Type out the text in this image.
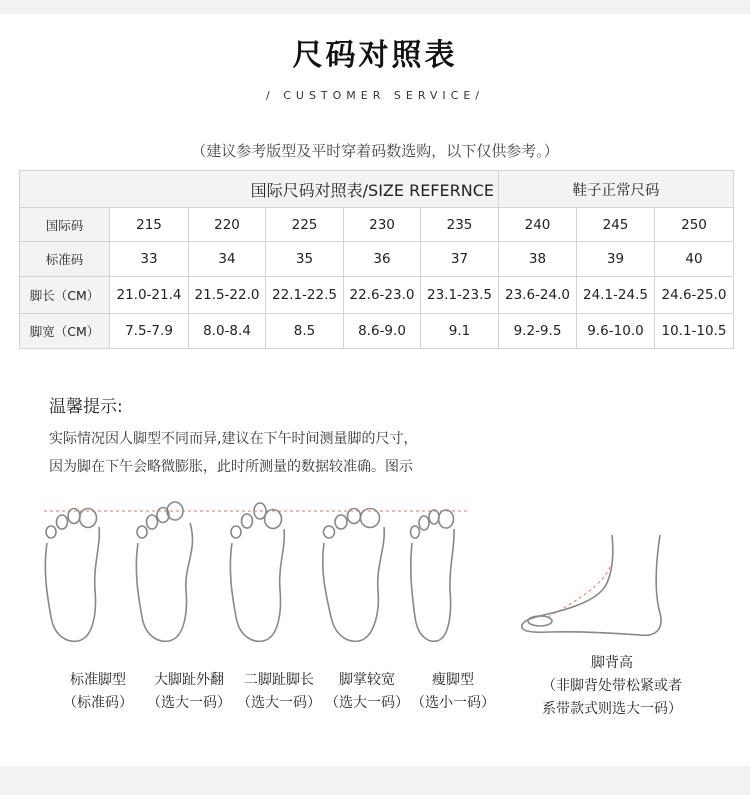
尺码对照表
/ CUSTOMER SERVICE/
（建议参考版型及平时穿着码数选购，以下仅供参考。）
国际尺码对照表/SIZE REFERNCE						鞋子正常尺码		
国际码	215	220	225	230	235	240	245	250
标准码	33	34	35	36	37	38	39	40
脚长（CM）	21.0-21.4	21.5-22.0	22.1-22.5	22.6-23.0	23.1-23.5	23.6-24.0	24.1-24.5	24.6-25.0
脚宽（CM）	7.5-7.9	8.0-8.4	8.5	8.6-9.0	9.1	9.2-9.5	9.6-10.0	10.1-10.5
温馨提示:
实际情况因人脚型不同而异,建议在下午时间测量脚的尺寸，
因为脚在下午会略微膨胀，此时所测量的数据较准确。图示
标准脚型
（标准码）
大脚趾外翻
（选大一码）
二脚趾脚长
（选大一码）
脚掌较宽
（选大一码）
瘦脚型
（选小一码）
脚背高
（非脚背处带松紧或者
系带款式则选大一码）
